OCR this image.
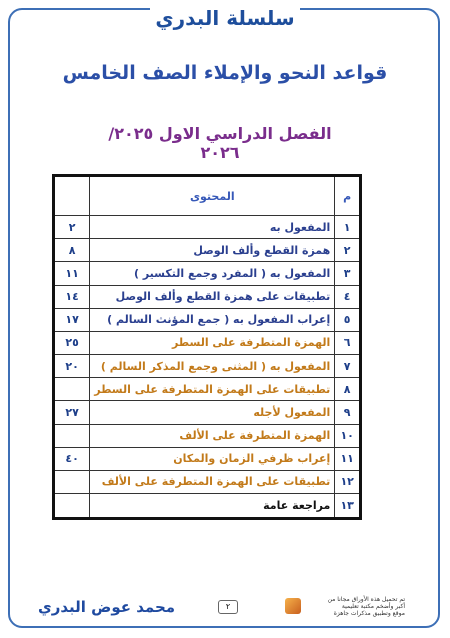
سلسلة البدري
قواعد النحو والإملاء الصف الخامس
الفصل الدراسي الاول ٢٠٢٥/ ٢٠٢٦
م	المحتوى	
١	المفعول به	٢
٢	همزة القطع وألف الوصل	٨
٣	المفعول به ( المفرد وجمع التكسير )	١١
٤	تطبيقات على همزة القطع وألف الوصل	١٤
٥	إعراب المفعول به ( جمع المؤنث السالم )	١٧
٦	الهمزة المتطرفة على السطر	٢٥
٧	المفعول به ( المثنى وجمع المذكر السالم )	٢٠
٨	تطبيقات على الهمزة المتطرفة على السطر	
٩	المفعول لأجله	٢٧
١٠	الهمزة المتطرفة على الألف	
١١	إعراب ظرفي الزمان والمكان	٤٠
١٢	تطبيقات على الهمزة المتطرفة على الألف	
١٣	مراجعة عامة	
محمد عوض البدري	٢
تم تحميل هذه الأوراق مجانا من
أكبر وأضخم مكتبة تعليمية
موقع وتطبيق مذكرات جاهزة
